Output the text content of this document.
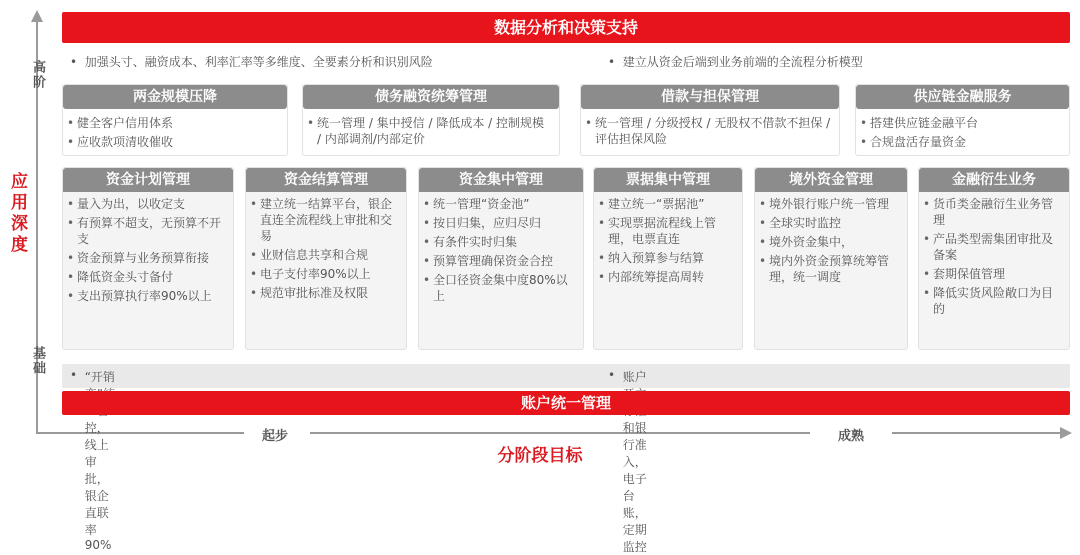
高阶
基础
应用深度
起步	成熟
分阶段目标
数据分析和决策支持
•  加强头寸、融资成本、利率汇率等多维度、全要素分析和识别风险	•  建立从资金后端到业务前端的全流程分析模型
两金规模压降
• 健全客户信用体系
• 应收款项清收催收
债务融资统筹管理
• 统一管理 / 集中授信 / 降低成本 / 控制规模 / 内部调剂/内部定价
借款与担保管理
• 统一管理 / 分级授权 / 无股权不借款不担保 / 评估担保风险
供应链金融服务
• 搭建供应链金融平台
• 合规盘活存量资金
资金计划管理
• 量入为出，以收定支
• 有预算不超支，无预算不开支
• 资金预算与业务预算衔接
• 降低资金头寸备付
• 支出预算执行率90%以上
资金结算管理
• 建立统一结算平台，银企直连全流程线上审批和交易
• 业财信息共享和合规
• 电子支付率90%以上
• 规范审批标准及权限
资金集中管理
• 统一管理“资金池”
• 按日归集，应归尽归
• 有条件实时归集
• 预算管理确保资金合控
• 全口径资金集中度80%以上
票据集中管理
• 建立统一“票据池”
• 实现票据流程线上管理，电票直连
• 纳入预算参与结算
• 内部统筹提高周转
境外资金管理
• 境外银行账户统一管理
• 全球实时监控
• 境外资金集中，
• 境内外资金预算统筹管理，统一调度
金融衍生业务
• 货币类金融衍生业务管理
• 产品类型需集团审批及备案
• 套期保值管理
• 降低实货风险敞口为目的
• “开销 控，线上审批，银企直联率90%
• 账户 和银行准入，电子台账，定期监控
账户统一管理
